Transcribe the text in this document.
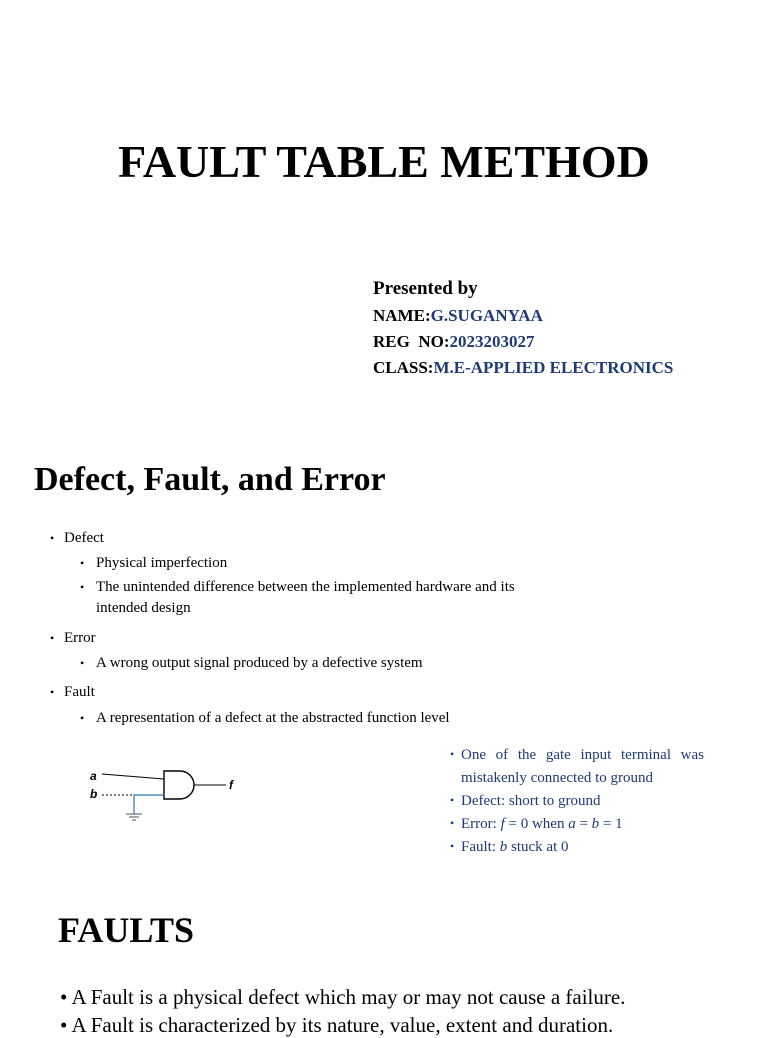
FAULT TABLE METHOD
Presented by
NAME:G.SUGANYAA
REG  NO:2023203027
CLASS:M.E-APPLIED ELECTRONICS
Defect, Fault, and Error
• Defect
• Physical imperfection
• The unintended difference between the implemented hardware and its intended design
• Error
• A wrong output signal produced by a defective system
• Fault
• A representation of a defect at the abstracted function level
a
b
f
• One of the gate input terminal was
mistakenly connected to ground
• Defect: short to ground
• Error: f = 0 when a = b = 1
• Fault: b stuck at 0
FAULTS
• A Fault is a physical defect which may or may not cause a failure.
• A Fault is characterized by its nature, value, extent and duration.
